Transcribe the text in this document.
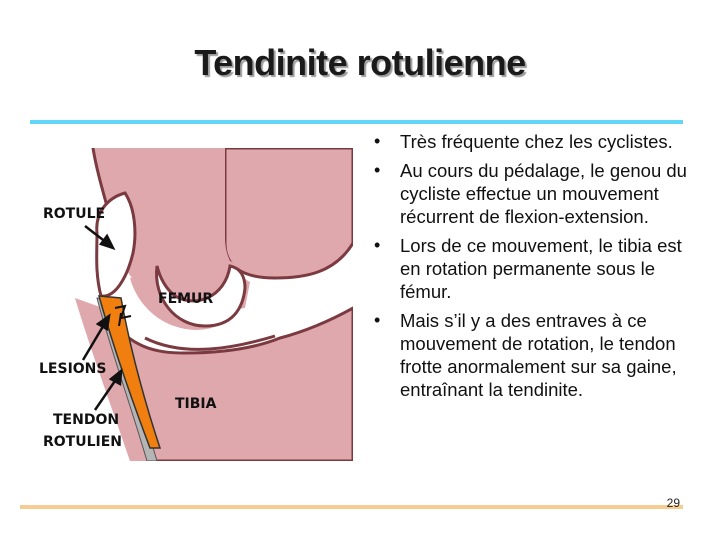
Tendinite rotulienne
ROTULE
FEMUR
LESIONS
TIBIA
TENDON
ROTULIEN
• Très fréquente chez les cyclistes.
• Au cours du pédalage, le genou du cycliste effectue un mouvement récurrent de flexion-extension.
• Lors de ce mouvement, le tibia est en rotation permanente sous le fémur.
• Mais s’il y a des entraves à ce mouvement de rotation, le tendon frotte anormalement sur sa gaine, entraînant la tendinite.
29
